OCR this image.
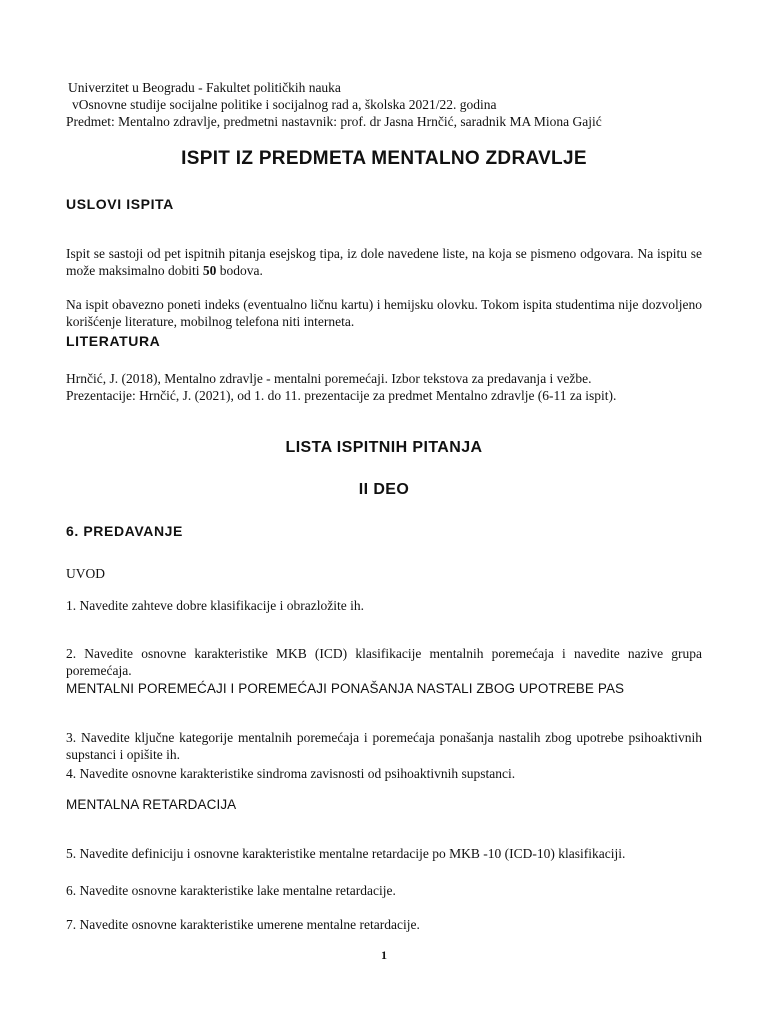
Univerzitet u Beogradu - Fakultet političkih nauka
vOsnovne studije socijalne politike i socijalnog rad a, školska 2021/22. godina
Predmet: Mentalno zdravlje, predmetni nastavnik: prof. dr Jasna Hrnčić, saradnik MA Miona Gajić
ISPIT IZ PREDMETA MENTALNO ZDRAVLJE
USLOVI ISPITA

Ispit se sastoji od pet ispitnih pitanja esejskog tipa, iz dole navedene liste, na koja se pismeno odgovara. Na ispitu se može maksimalno dobiti 50 bodova.

Na ispit obavezno poneti indeks (eventualno ličnu kartu) i hemijsku olovku. Tokom ispita studentima nije dozvoljeno korišćenje literature, mobilnog telefona niti interneta.

LITERATURA
Hrnčić, J. (2018), Mentalno zdravlje - mentalni poremećaji. Izbor tekstova za predavanja i vežbe.
Prezentacije: Hrnčić, J. (2021), od 1. do 11. prezentacije za predmet Mentalno zdravlje (6-11 za ispit).
LISTA ISPITNIH PITANJA
II DEO
6. PREDAVANJE
UVOD
1. Navedite zahteve dobre klasifikacije i obrazložite ih.

2. Navedite osnovne karakteristike MKB (ICD) klasifikacije mentalnih poremećaja i navedite nazive grupa poremećaja.

MENTALNI POREMEĆAJI I POREMEĆAJI PONAŠANJA NASTALI ZBOG UPOTREBE PAS

3. Navedite ključne kategorije mentalnih poremećaja i poremećaja ponašanja nastalih zbog upotrebe psihoaktivnih supstanci i opišite ih.

4. Navedite osnovne karakteristike sindroma zavisnosti od psihoaktivnih supstanci.
MENTALNA RETARDACIJA

5. Navedite definiciju i osnovne karakteristike mentalne retardacije po MKB -10 (ICD-10) klasifikaciji.

6. Navedite osnovne karakteristike lake mentalne retardacije.
7. Navedite osnovne karakteristike umerene mentalne retardacije.
1
